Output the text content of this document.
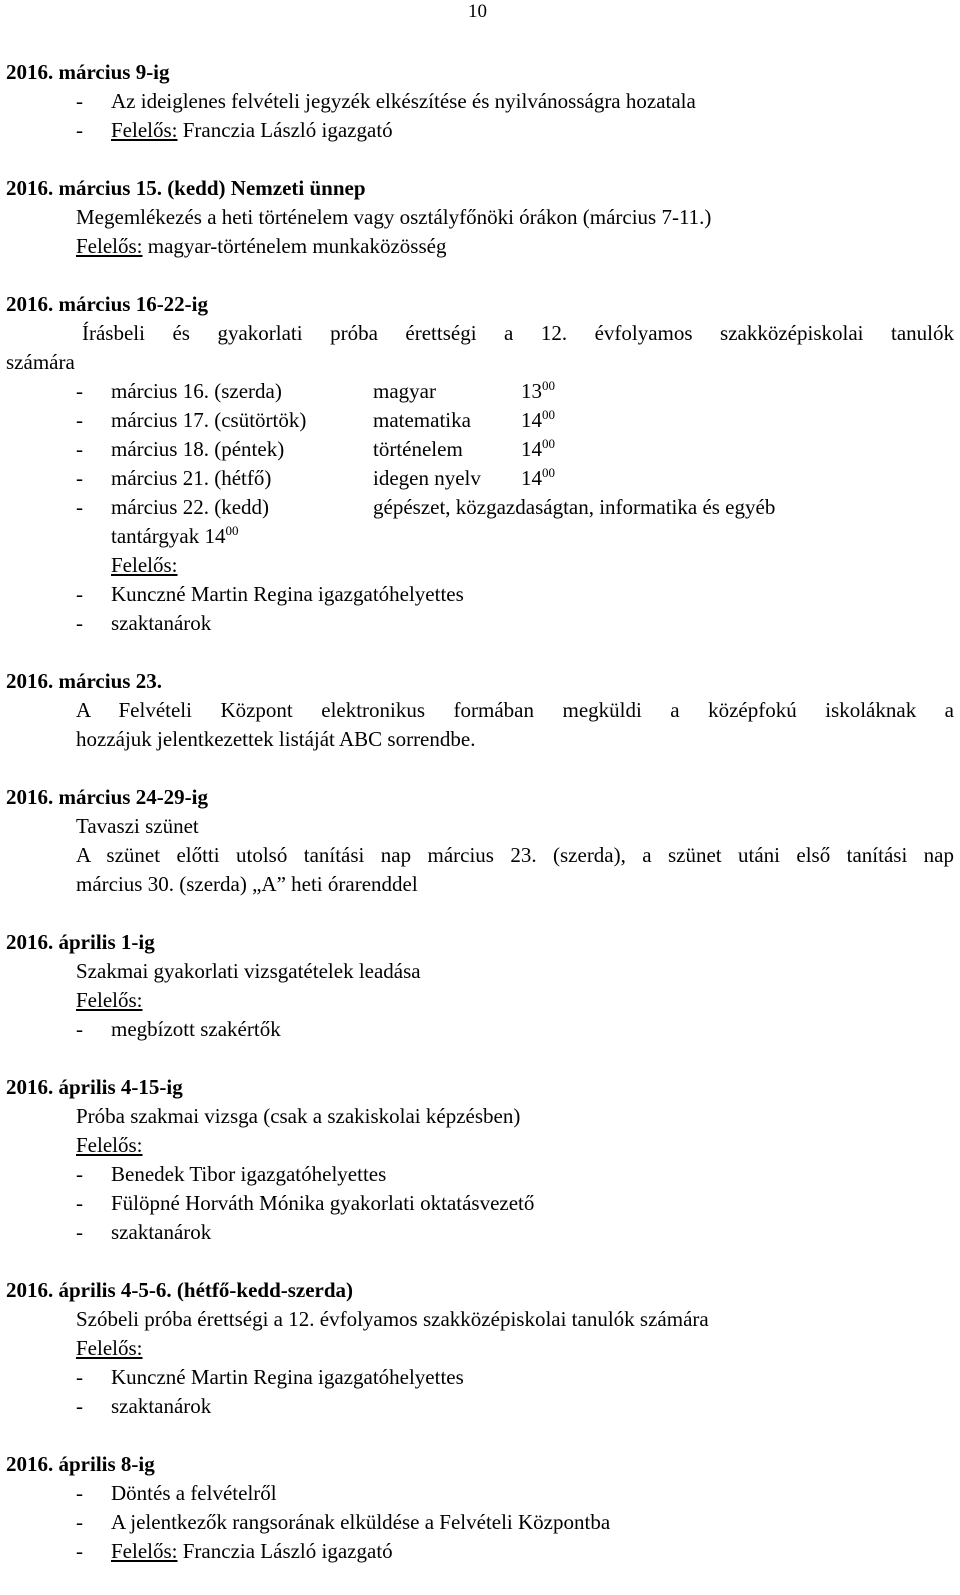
10
2016. március 9-ig
- Az ideiglenes felvételi jegyzék elkészítése és nyilvánosságra hozatala
- Felelős: Franczia László igazgató
2016. március 15. (kedd) Nemzeti ünnep
Megemlékezés a heti történelem vagy osztályfőnöki órákon (március 7-11.)
Felelős: magyar-történelem munkaközösség
2016. március 16-22-ig
Írásbeli és gyakorlati próba érettségi a 12. évfolyamos szakközépiskolai tanulók
számára
- március 16. (szerda)	magyar	$13^{00}$
- március 17. (csütörtök)	matematika $14^{00}$
- március 18. (péntek)	történelem	$14^{00}$
- március 21. (hétfő)	idegen nyelv $14^{00}$
- március 22. (kedd)	gépészet, közgazdaságtan, informatika és egyéb
tantárgyak $14^{00}$
Felelős:
- Kunczné Martin Regina igazgatóhelyettes
- szaktanárok
2016. március 23.
A Felvételi Központ elektronikus formában megküldi a középfokú iskoláknak a
hozzájuk jelentkezettek listáját ABC sorrendbe.
2016. március 24-29-ig
Tavaszi szünet
A szünet előtti utolsó tanítási nap március 23. (szerda), a szünet utáni első tanítási nap
március 30. (szerda) „A” heti órarenddel
2016. április 1-ig
Szakmai gyakorlati vizsgatételek leadása
Felelős:
- megbízott szakértők
2016. április 4-15-ig
Próba szakmai vizsga (csak a szakiskolai képzésben)
Felelős:
- Benedek Tibor igazgatóhelyettes
- Fülöpné Horváth Mónika gyakorlati oktatásvezető
- szaktanárok
2016. április 4-5-6. (hétfő-kedd-szerda)
Szóbeli próba érettségi a 12. évfolyamos szakközépiskolai tanulók számára
Felelős:
- Kunczné Martin Regina igazgatóhelyettes
- szaktanárok
2016. április 8-ig
- Döntés a felvételről
- A jelentkezők rangsorának elküldése a Felvételi Központba
- Felelős: Franczia László igazgató
